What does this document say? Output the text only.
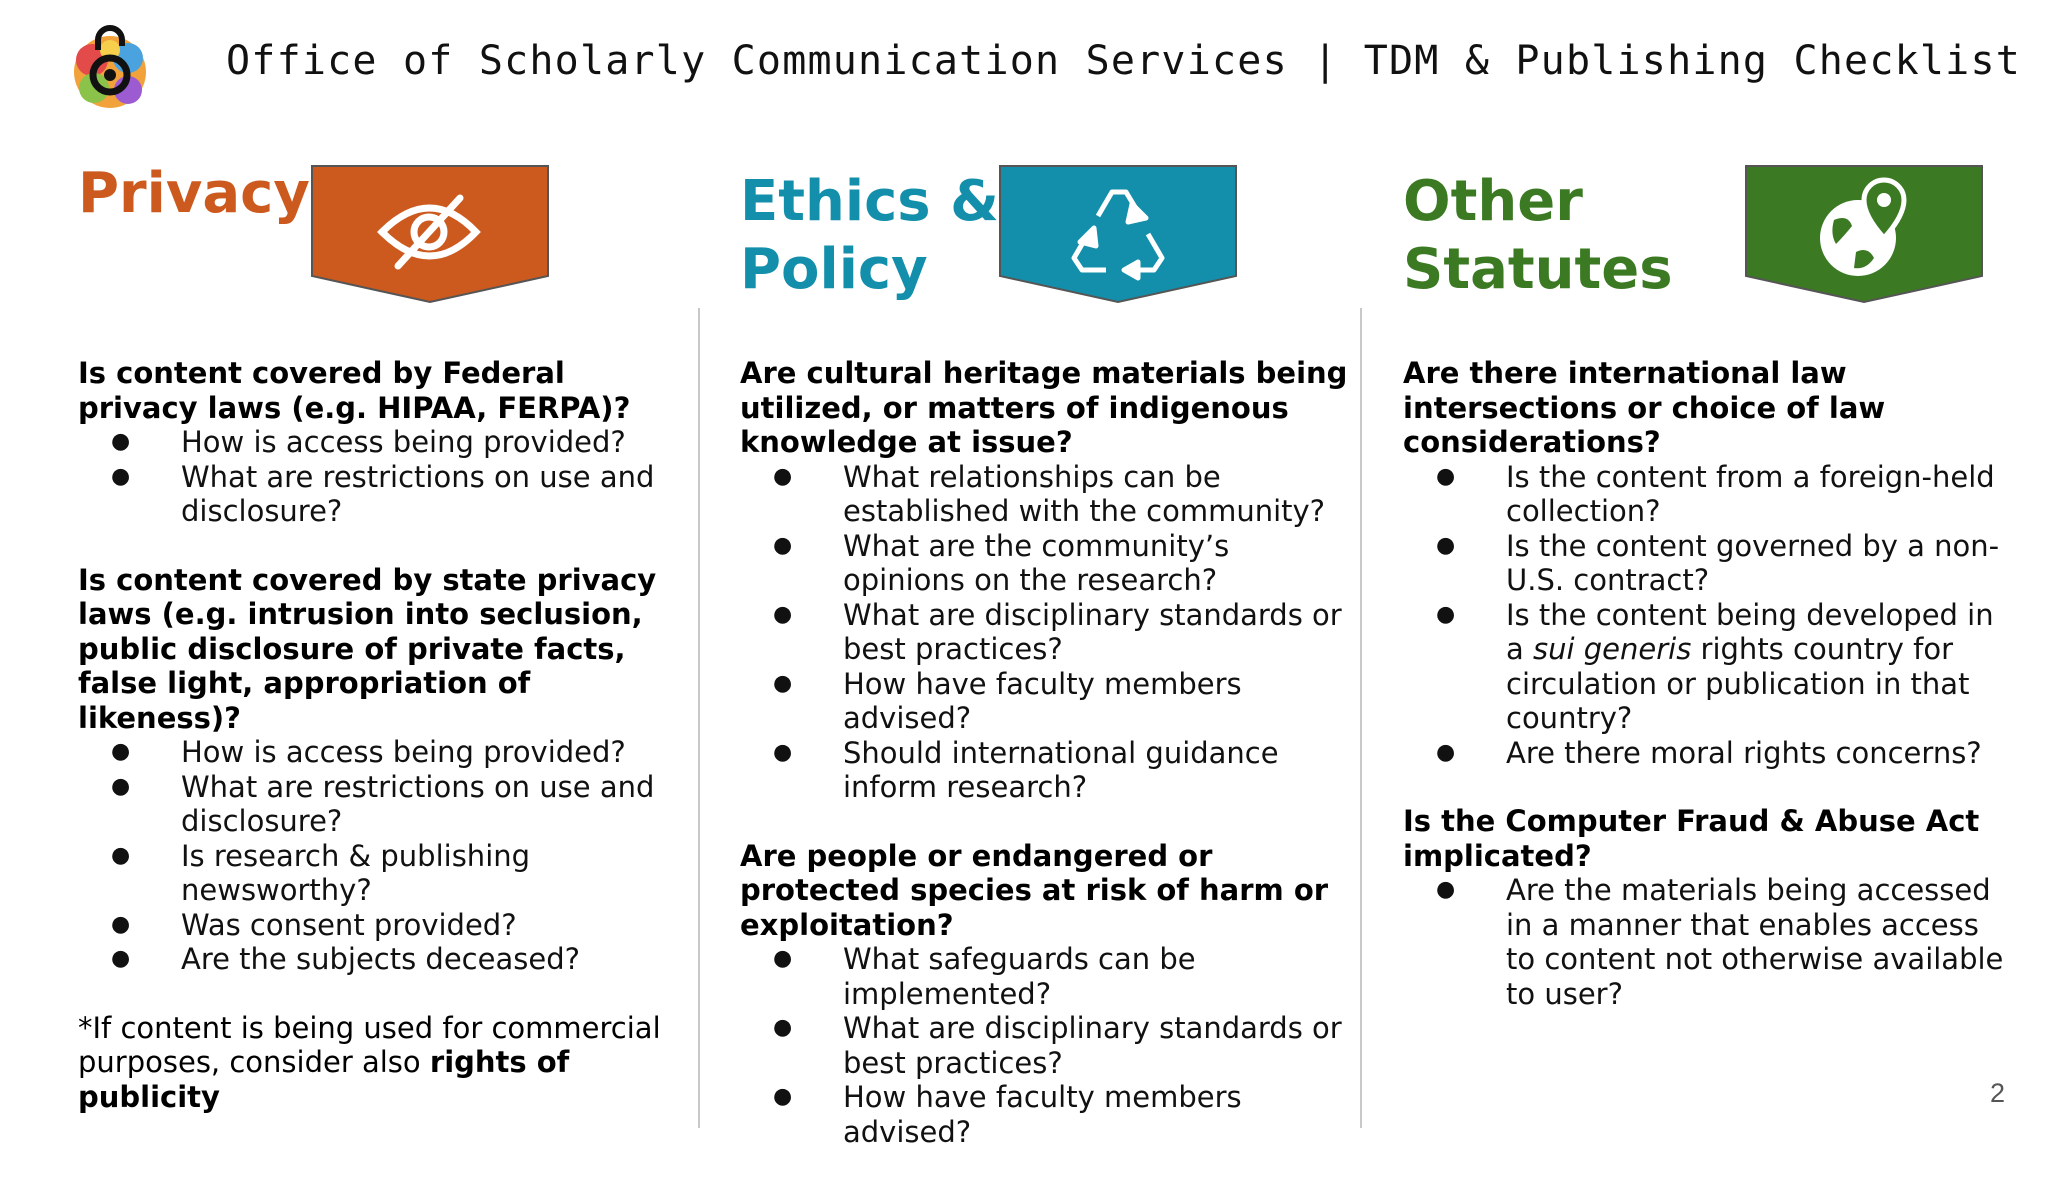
Office of Scholarly Communication Services | TDM & Publishing Checklist
Privacy

Is content covered by Federal privacy laws (e.g. HIPAA, FERPA)?

● How is access being provided?
● What are restrictions on use and disclosure?

Is content covered by state privacy laws (e.g. intrusion into seclusion, public disclosure of private facts, false light, appropriation of likeness)?

● How is access being provided?
● What are restrictions on use and disclosure?
● Is research & publishing newsworthy?
● Was consent provided?
● Are the subjects deceased?

*If content is being used for commercial purposes, consider also rights of publicity

Ethics & Policy

Are cultural heritage materials being utilized, or matters of indigenous knowledge at issue?

● What relationships can be established with the community?
● What are the community’s opinions on the research?
● What are disciplinary standards or best practices?
● How have faculty members advised?
● Should international guidance inform research?

Are people or endangered or protected species at risk of harm or exploitation?

● What safeguards can be implemented?
● What are disciplinary standards or best practices?
● How have faculty members advised?
Other Statutes

Are there international law intersections or choice of law considerations?

● Is the content from a foreign-held collection?
● Is the content governed by a non-U.S. contract?
● Is the content being developed in a sui generis rights country for circulation or publication in that country?
● Are there moral rights concerns?

Is the Computer Fraud & Abuse Act implicated?

● Are the materials being accessed in a manner that enables access to content not otherwise available to user?
2
